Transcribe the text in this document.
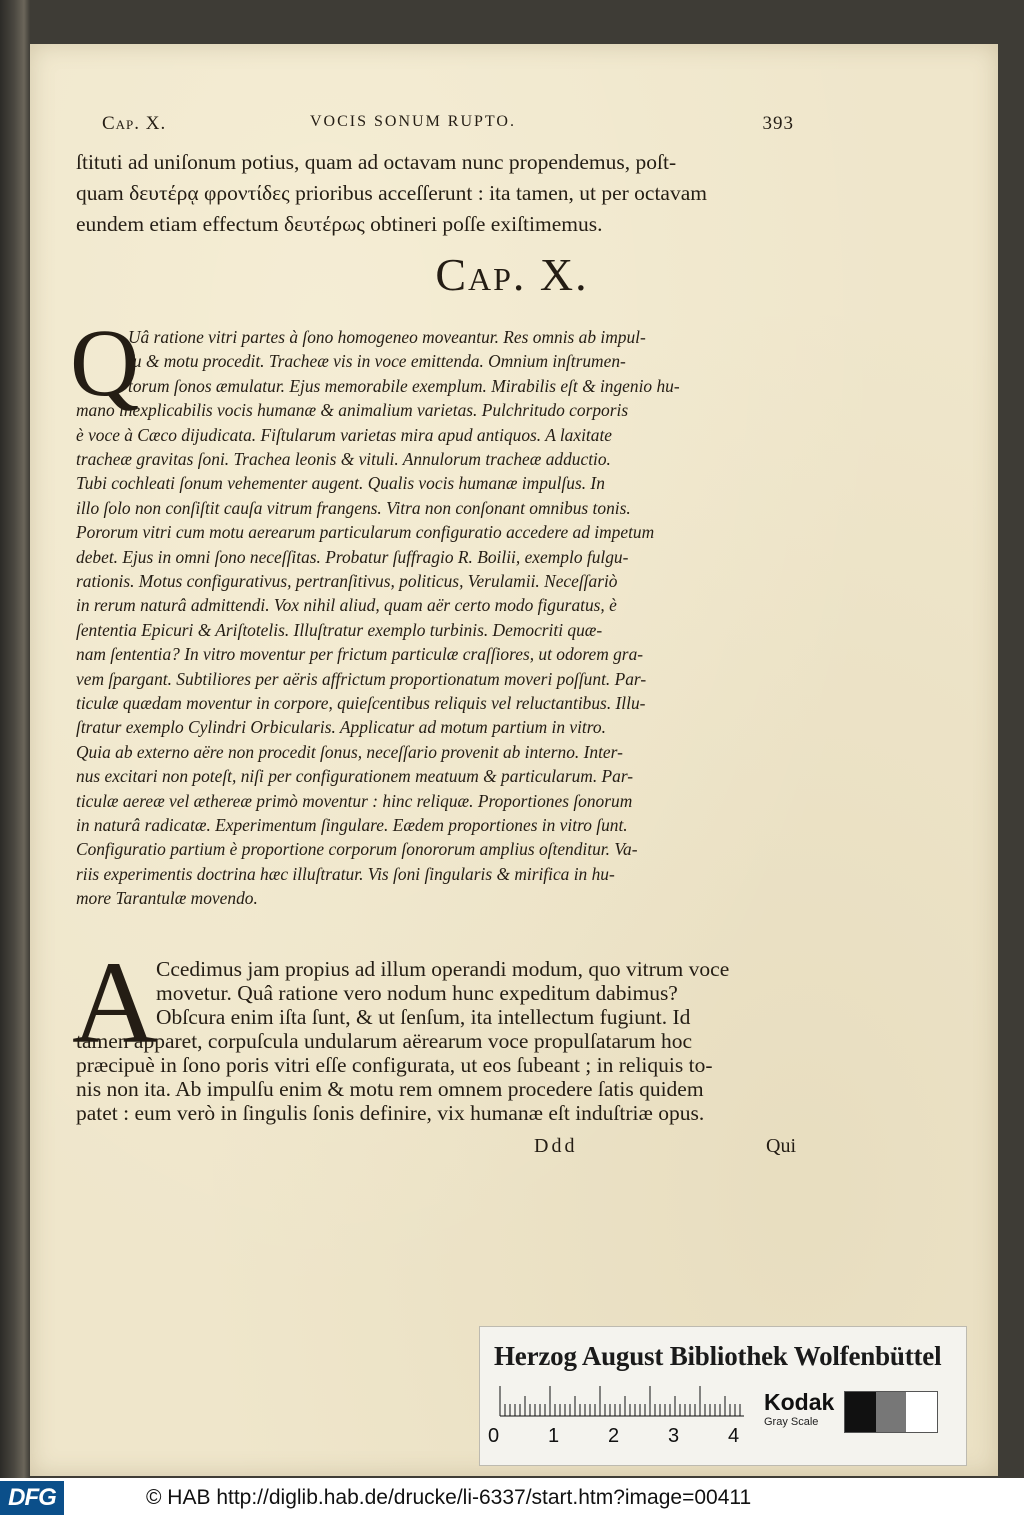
Cap. X.	VOCIS SONUM RUPTO.	393
ſtituti ad uniſonum potius, quam ad octavam nunc propendemus, poſt-
quam δευτέρᾳ φροντίδες prioribus acceſſerunt : ita tamen, ut per octavam
eundem etiam effectum δευτέρως obtineri poſſe exiſtimemus.
Cap. X.
Q
Uâ ratione vitri partes à ſono homogeneo moveantur. Res omnis ab impul-
ſu & motu procedit. Tracheæ vis in voce emittenda. Omnium inſtrumen-
torum ſonos æmulatur. Ejus memorabile exemplum. Mirabilis eſt & ingenio hu-
mano inexplicabilis vocis humanæ & animalium varietas. Pulchritudo corporis
è voce à Cæco dijudicata. Fiſtularum varietas mira apud antiquos. A laxitate
tracheæ gravitas ſoni. Trachea leonis & vituli. Annulorum tracheæ adductio.
Tubi cochleati ſonum vehementer augent. Qualis vocis humanæ impulſus. In
illo ſolo non conſiſtit cauſa vitrum frangens. Vitra non conſonant omnibus tonis.
Pororum vitri cum motu aerearum particularum configuratio accedere ad impetum
debet. Ejus in omni ſono neceſſitas. Probatur ſuffragio R. Boilii, exemplo fulgu-
rationis. Motus configurativus, pertranſitivus, politicus, Verulamii. Neceſſariò
in rerum naturâ admittendi. Vox nihil aliud, quam aër certo modo figuratus, è
ſententia Epicuri & Ariſtotelis. Illuſtratur exemplo turbinis. Democriti quæ-
nam ſententia? In vitro moventur per frictum particulæ craſſiores, ut odorem gra-
vem ſpargant. Subtiliores per aëris affrictum proportionatum moveri poſſunt. Par-
ticulæ quædam moventur in corpore, quieſcentibus reliquis vel reluctantibus. Illu-
ſtratur exemplo Cylindri Orbicularis. Applicatur ad motum partium in vitro.
Quia ab externo aëre non procedit ſonus, neceſſario provenit ab interno. Inter-
nus excitari non poteſt, niſi per configurationem meatuum & particularum. Par-
ticulæ aereæ vel æthereæ primò moventur : hinc reliquæ. Proportiones ſonorum
in naturâ radicatæ. Experimentum ſingulare. Eædem proportiones in vitro ſunt.
Configuratio partium è proportione corporum ſonororum amplius oſtenditur. Va-
riis experimentis doctrina hæc illuſtratur. Vis ſoni ſingularis & mirifica in hu-
more Tarantulæ movendo.
A
Ccedimus jam propius ad illum operandi modum, quo vitrum voce
movetur. Quâ ratione vero nodum hunc expeditum dabimus?
Obſcura enim iſta ſunt, & ut ſenſum, ita intellectum fugiunt. Id
tamen apparet, corpuſcula undularum aërearum voce propulſatarum hoc
præcipuè in ſono poris vitri eſſe configurata, ut eos ſubeant ; in reliquis to-
nis non ita. Ab impulſu enim & motu rem omnem procedere ſatis quidem
patet : eum verò in ſingulis ſonis definire, vix humanæ eſt induſtriæ opus.
Ddd	Qui
Herzog August Bibliothek Wolfenbüttel
0 1 2 3 4
Kodak
Gray Scale
DFG	© HAB http://diglib.hab.de/drucke/li-6337/start.htm?image=00411
